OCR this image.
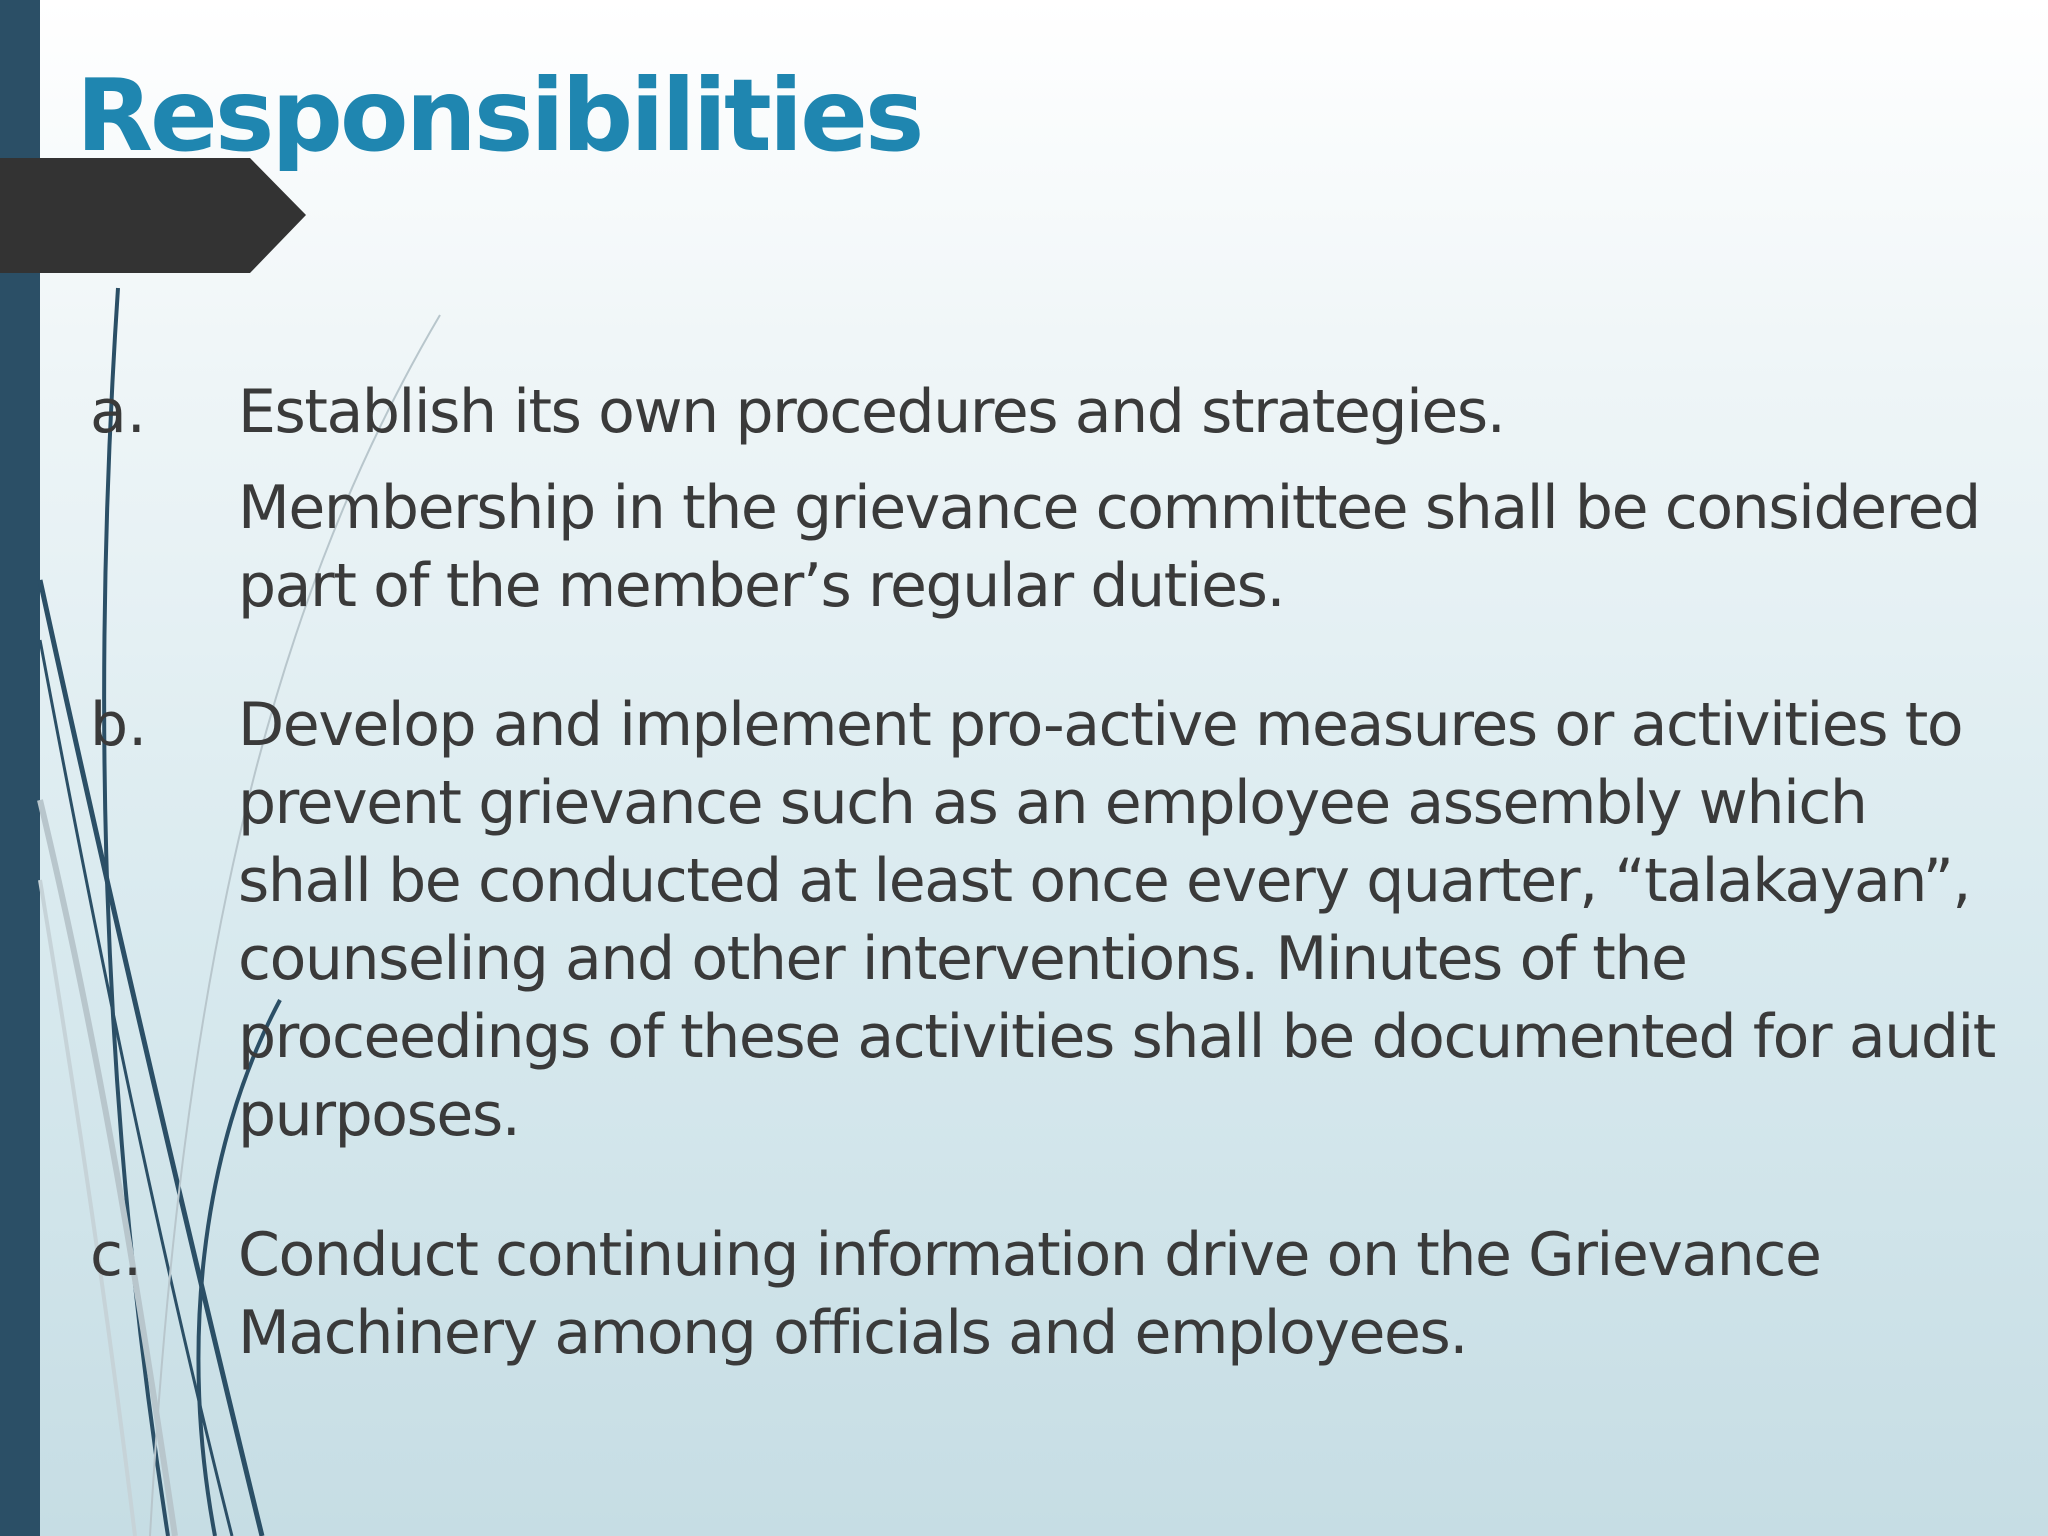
Responsibilities
a. Establish its own procedures and strategies.

Membership in the grievance committee shall be considered part of the member’s regular duties.

b. Develop and implement pro-active measures or activities to prevent grievance such as an employee assembly which shall be conducted at least once every quarter, “talakayan”, counseling and other interventions. Minutes of the proceedings of these activities shall be documented for audit purposes.

c. Conduct continuing information drive on the Grievance Machinery among officials and employees.
